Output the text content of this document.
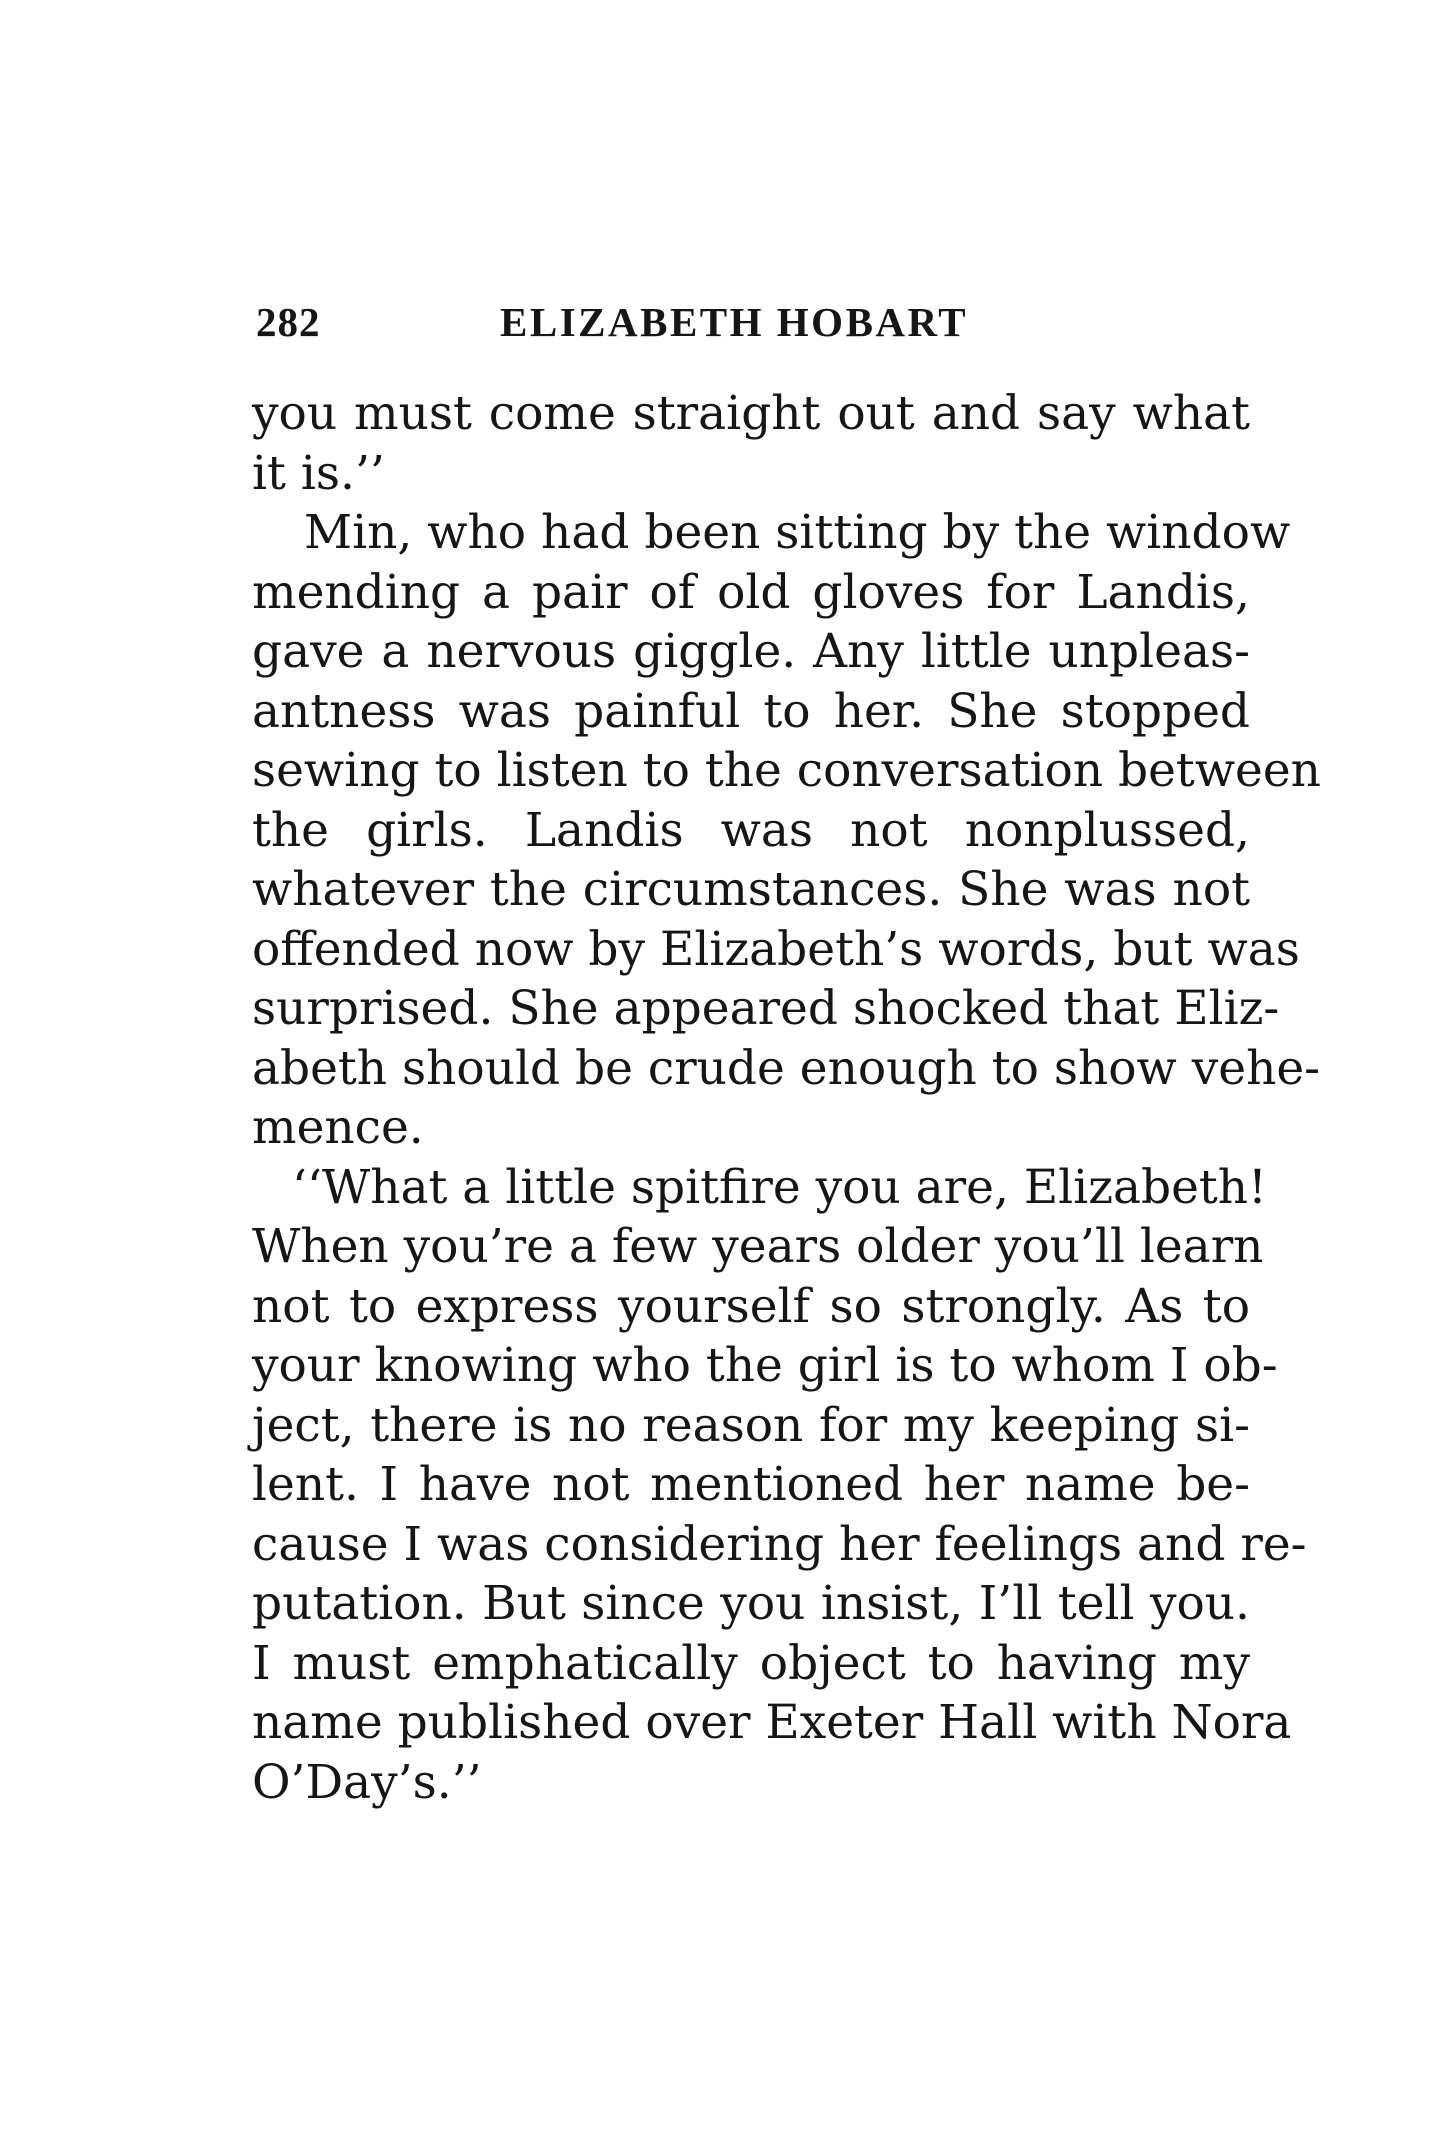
282	ELIZABETH HOBART
you must come straight out and say what
it is.’’
Min, who had been sitting by the window
mending a pair of old gloves for Landis,
gave a nervous giggle. Any little unpleas-
antness was painful to her. She stopped
sewing to listen to the conversation between
the girls. Landis was not nonplussed,
whatever the circumstances. She was not
offended now by Elizabeth’s words, but was
surprised. She appeared shocked that Eliz-
abeth should be crude enough to show vehe-
mence.
‘‘What a little spitfire you are, Elizabeth!
When you’re a few years older you’ll learn
not to express yourself so strongly. As to
your knowing who the girl is to whom I ob-
ject, there is no reason for my keeping si-
lent. I have not mentioned her name be-
cause I was considering her feelings and re-
putation. But since you insist, I’ll tell you.
I must emphatically object to having my
name published over Exeter Hall with Nora
O’Day’s.’’
